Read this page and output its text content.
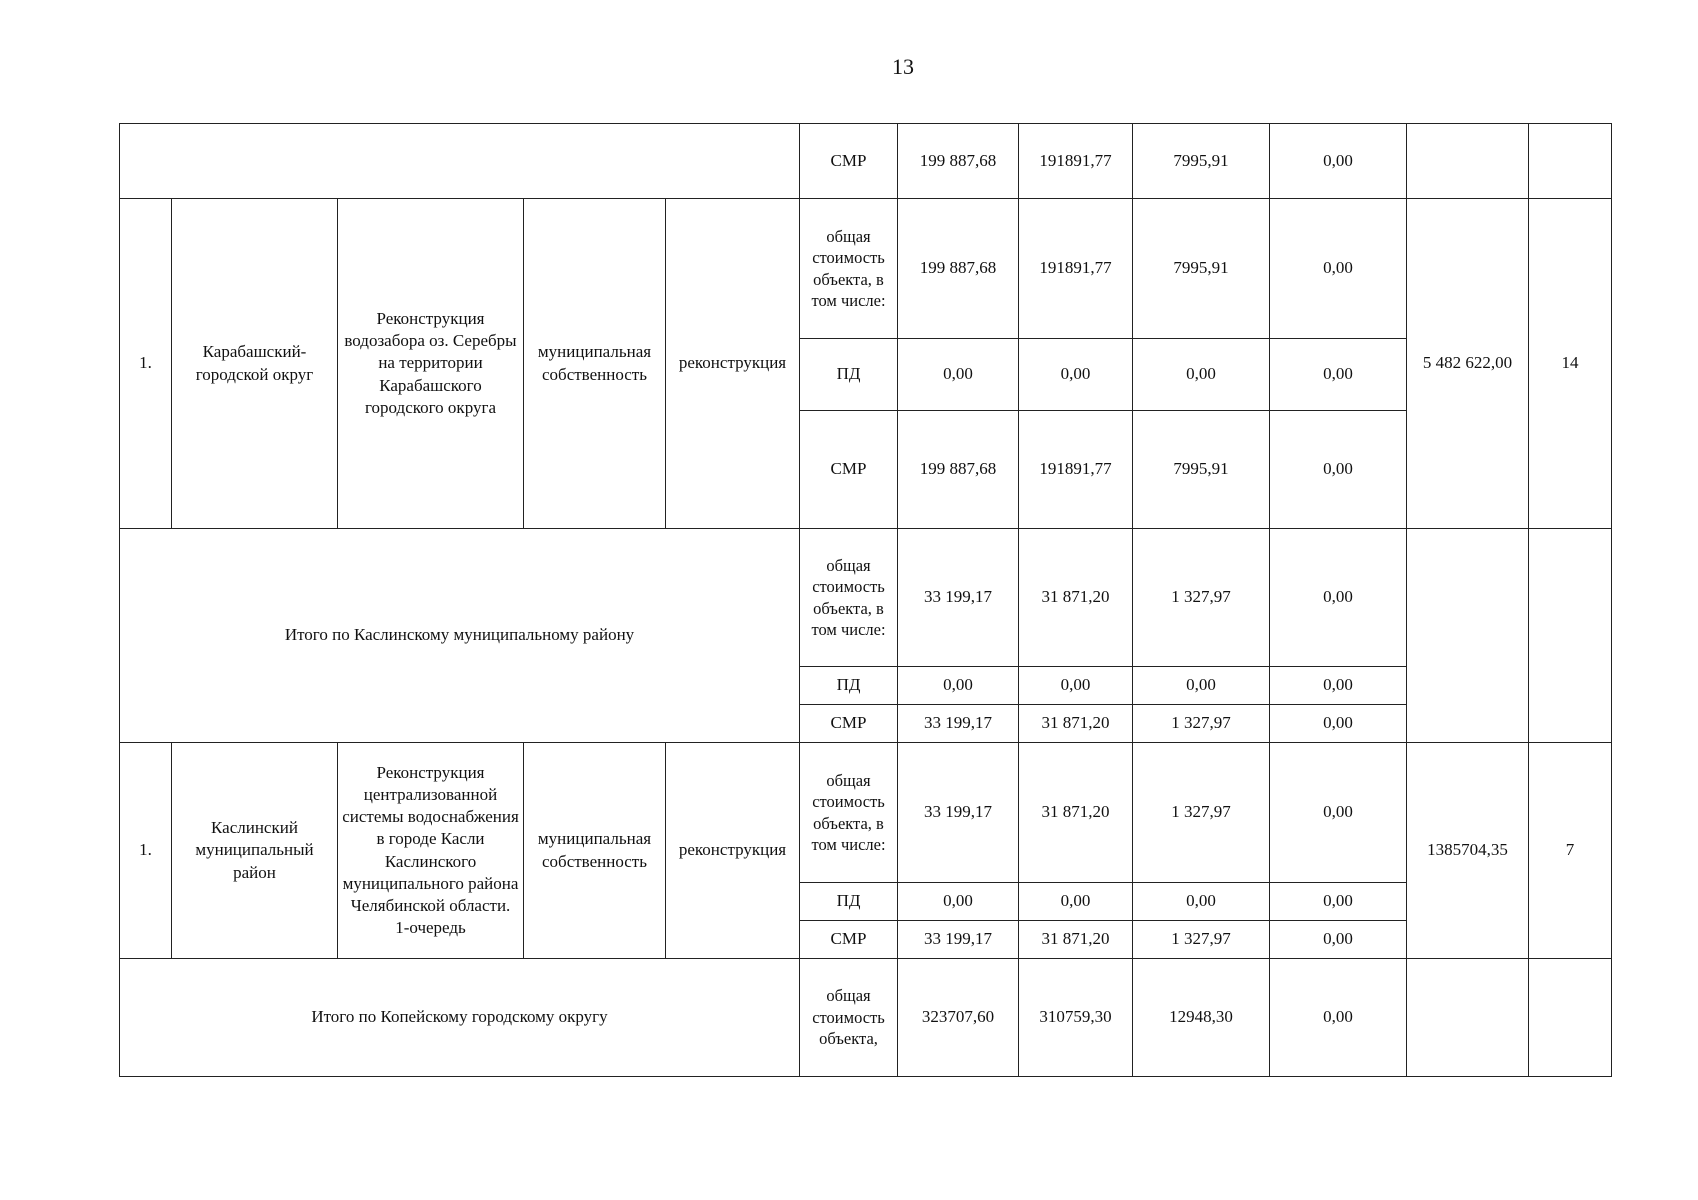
13
					СМР	199 887,68	191891,77	7995,91	0,00		
1.	Карабашский-городской округ	Реконструкция водозабора оз. Серебры на территории Карабашского городского округа	муниципальная собственность	реконструкция	общая стоимость объекта, в том числе:	199 887,68	191891,77	7995,91	0,00	5 482 622,00	14
					ПД	0,00	0,00	0,00	0,00		
					СМР	199 887,68	191891,77	7995,91	0,00		
Итого по Каслинскому муниципальному району					общая стоимость объекта, в том числе:	33 199,17	31 871,20	1 327,97	0,00		
					ПД	0,00	0,00	0,00	0,00		
					СМР	33 199,17	31 871,20	1 327,97	0,00		
1.	Каслинский муниципальный район	Реконструкция централизованной системы водоснабжения в городе Касли Каслинского муниципального района Челябинской области. 1-очередь	муниципальная собственность	реконструкция	общая стоимость объекта, в том числе:	33 199,17	31 871,20	1 327,97	0,00	1385704,35	7
					ПД	0,00	0,00	0,00	0,00		
					СМР	33 199,17	31 871,20	1 327,97	0,00		
Итого по Копейскому городскому округу					общая стоимость объекта,	323707,60	310759,30	12948,30	0,00		
